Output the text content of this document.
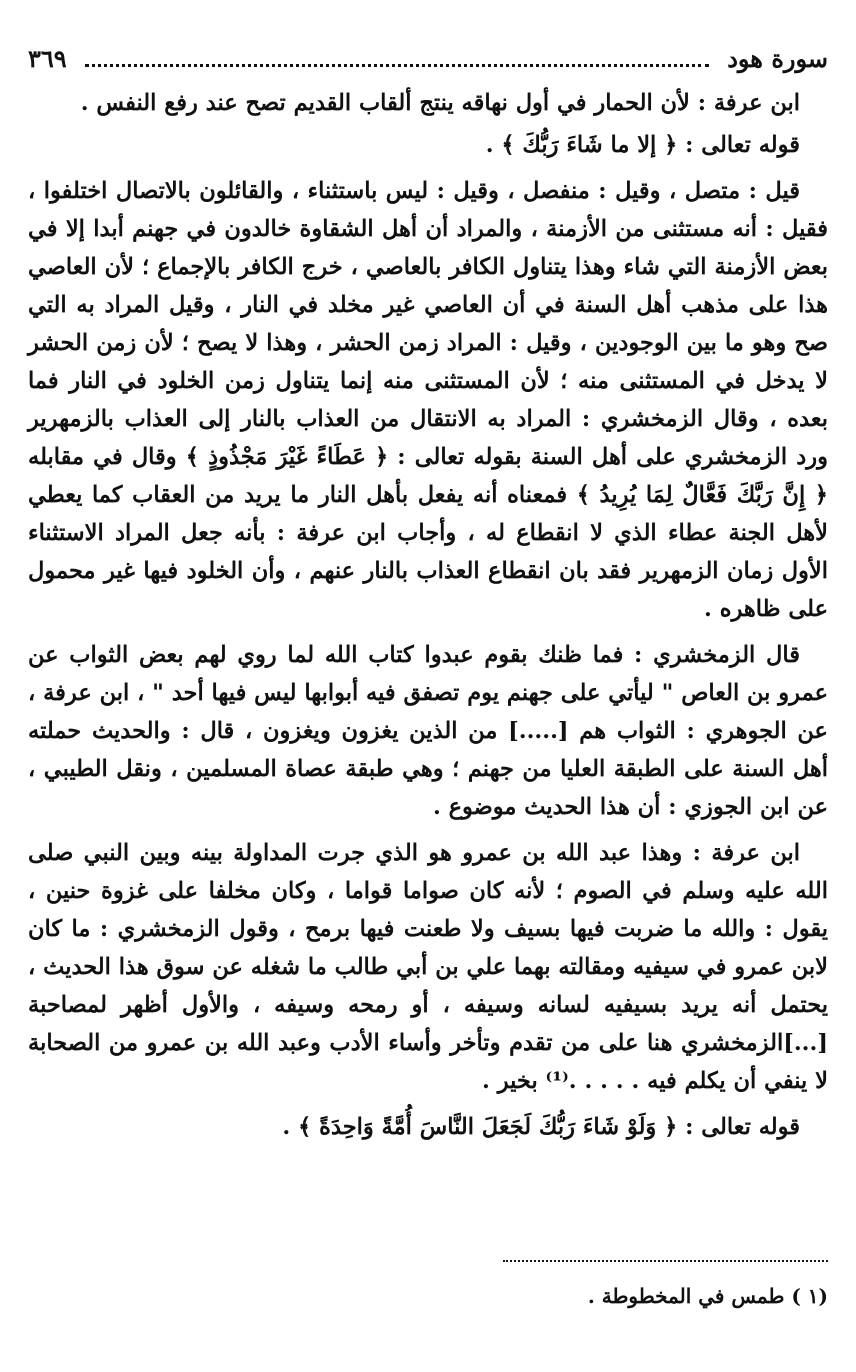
سورة هود
٣٦٩

ابن عرفة : لأن الحمار في أول نهاقه ينتج ألقاب القديم تصح عند رفع النفس .

قوله تعالى : ﴿ إلا ما شَاءَ رَبُّكَ ﴾ .

قيل : متصل ، وقيل : منفصل ، وقيل : ليس باستثناء ، والقائلون بالاتصال اختلفوا ، فقيل : أنه مستثنى من الأزمنة ، والمراد أن أهل الشقاوة خالدون في جهنم أبدا إلا في بعض الأزمنة التي شاء وهذا يتناول الكافر بالعاصي ، خرج الكافر بالإجماع ؛ لأن العاصي هذا على مذهب أهل السنة في أن العاصي غير مخلد في النار ، وقيل المراد به التي صح وهو ما بين الوجودين ، وقيل : المراد زمن الحشر ، وهذا لا يصح ؛ لأن زمن الحشر لا يدخل في المستثنى منه ؛ لأن المستثنى منه إنما يتناول زمن الخلود في النار فما بعده ، وقال الزمخشري : المراد به الانتقال من العذاب بالنار إلى العذاب بالزمهرير ورد الزمخشري على أهل السنة بقوله تعالى : ﴿ عَطَاءً غَيْرَ مَجْذُوذٍ ﴾ وقال في مقابله ﴿ إِنَّ رَبَّكَ فَعَّالٌ لِمَا يُرِيدُ ﴾ فمعناه أنه يفعل بأهل النار ما يريد من العقاب كما يعطي لأهل الجنة عطاء الذي لا انقطاع له ، وأجاب ابن عرفة : بأنه جعل المراد الاستثناء الأول زمان الزمهرير فقد بان انقطاع العذاب بالنار عنهم ، وأن الخلود فيها غير محمول على ظاهره .

قال الزمخشري : فما ظنك بقوم عبدوا كتاب الله لما روي لهم بعض الثواب عن عمرو بن العاص " ليأتي على جهنم يوم تصفق فيه أبوابها ليس فيها أحد " ، ابن عرفة ، عن الجوهري : الثواب هم [.....] من الذين يغزون ويغزون ، قال : والحديث حملته أهل السنة على الطبقة العليا من جهنم ؛ وهي طبقة عصاة المسلمين ، ونقل الطيبي ، عن ابن الجوزي : أن هذا الحديث موضوع .

ابن عرفة : وهذا عبد الله بن عمرو هو الذي جرت المداولة بينه وبين النبي صلى الله عليه وسلم في الصوم ؛ لأنه كان صواما قواما ، وكان مخلفا على غزوة حنين ، يقول : والله ما ضربت فيها بسيف ولا طعنت فيها برمح ، وقول الزمخشري : ما كان لابن عمرو في سيفيه ومقالته بهما علي بن أبي طالب ما شغله عن سوق هذا الحديث ، يحتمل أنه يريد بسيفيه لسانه وسيفه ، أو رمحه وسيفه ، والأول أظهر لمصاحبة [...]الزمخشري هنا على من تقدم وتأخر وأساء الأدب وعبد الله بن عمرو من الصحابة لا ينفي أن يكلم فيه . . . . .⁽¹⁾ بخير .

قوله تعالى : ﴿ وَلَوْ شَاءَ رَبُّكَ لَجَعَلَ النَّاسَ أُمَّةً وَاحِدَةً ﴾ .

(١ ) طمس في المخطوطة .
